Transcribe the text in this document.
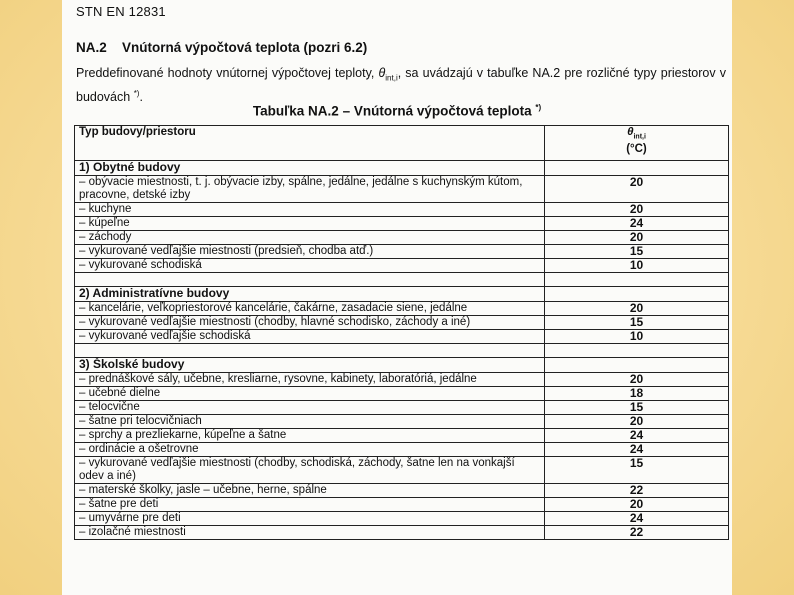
STN EN 12831
NA.2 Vnútorná výpočtová teplota (pozri 6.2)
Preddefinované hodnoty vnútornej výpočtovej teploty, $\theta_{int,i}$, sa uvádzajú v tabuľke NA.2 pre rozličné typy priestorov v budovách *).
Tabuľka NA.2 – Vnútorná výpočtová teplota *)
Typ budovy/priestoru	$\theta_{int,i}$
(°C)
1) Obytné budovy	
– obývacie miestnosti, t. j. obývacie izby, spálne, jedálne, jedálne s kuchynským kútom, pracovne, detské izby	20
– kuchyne	20
– kúpeľne	24
– záchody	20
– vykurované vedľajšie miestnosti (predsieň, chodba atď.)	15
– vykurované schodiská	10

2) Administratívne budovy	
– kancelárie, veľkopriestorové kancelárie, čakárne, zasadacie siene, jedálne	20
– vykurované vedľajšie miestnosti (chodby, hlavné schodisko, záchody a iné)	15
– vykurované vedľajšie schodiská	10

3) Školské budovy	
– prednáškové sály, učebne, kresliarne, rysovne, kabinety, laboratóriá, jedálne	20
– učebné dielne	18
– telocvične	15
– šatne pri telocvičniach	20
– sprchy a prezliekarne, kúpeľne a šatne	24
– ordinácie a ošetrovne	24
– vykurované vedľajšie miestnosti (chodby, schodiská, záchody, šatne len na vonkajší odev a iné)	15
– materské školky, jasle – učebne, herne, spálne	22
– šatne pre deti	20
– umyvárne pre deti	24
– izolačné miestnosti	22
